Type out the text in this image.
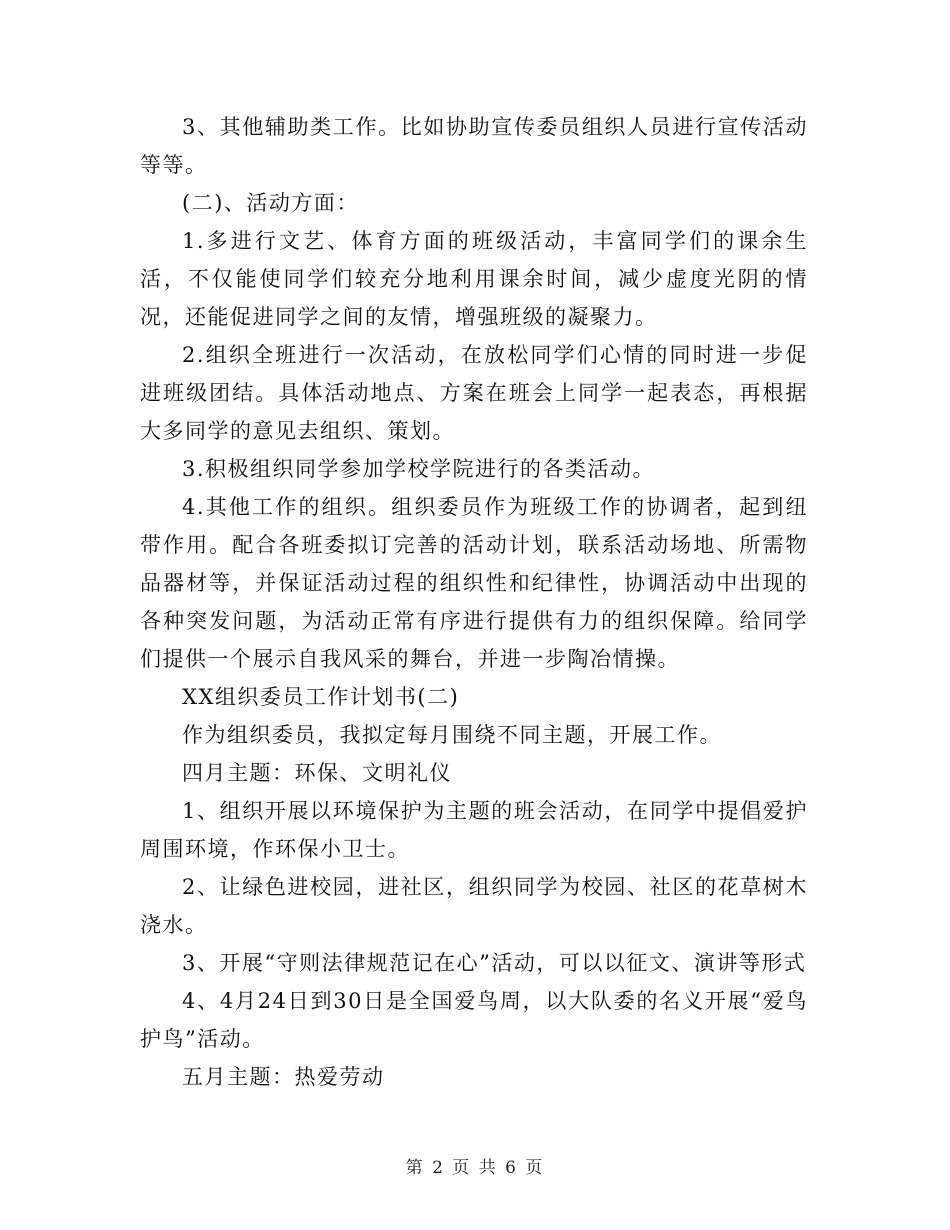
3、其他辅助类工作。比如协助宣传委员组织人员进行宣传活动等等。

(二)、活动方面：

1.多进行文艺、体育方面的班级活动，丰富同学们的课余生活，不仅能使同学们较充分地利用课余时间，减少虚度光阴的情况，还能促进同学之间的友情，增强班级的凝聚力。

2.组织全班进行一次活动，在放松同学们心情的同时进一步促进班级团结。具体活动地点、方案在班会上同学一起表态，再根据大多同学的意见去组织、策划。

3.积极组织同学参加学校学院进行的各类活动。

4.其他工作的组织。组织委员作为班级工作的协调者，起到纽带作用。配合各班委拟订完善的活动计划，联系活动场地、所需物品器材等，并保证活动过程的组织性和纪律性，协调活动中出现的各种突发问题，为活动正常有序进行提供有力的组织保障。给同学们提供一个展示自我风采的舞台，并进一步陶冶情操。

XX组织委员工作计划书(二)

作为组织委员，我拟定每月围绕不同主题，开展工作。

四月主题：环保、文明礼仪

1、组织开展以环境保护为主题的班会活动，在同学中提倡爱护周围环境，作环保小卫士。

2、让绿色进校园，进社区，组织同学为校园、社区的花草树木浇水。

3、开展“守则法律规范记在心”活动，可以以征文、演讲等形式

4、4月24日到30日是全国爱鸟周，以大队委的名义开展“爱鸟护鸟”活动。

五月主题：热爱劳动

第 2 页 共 6 页
